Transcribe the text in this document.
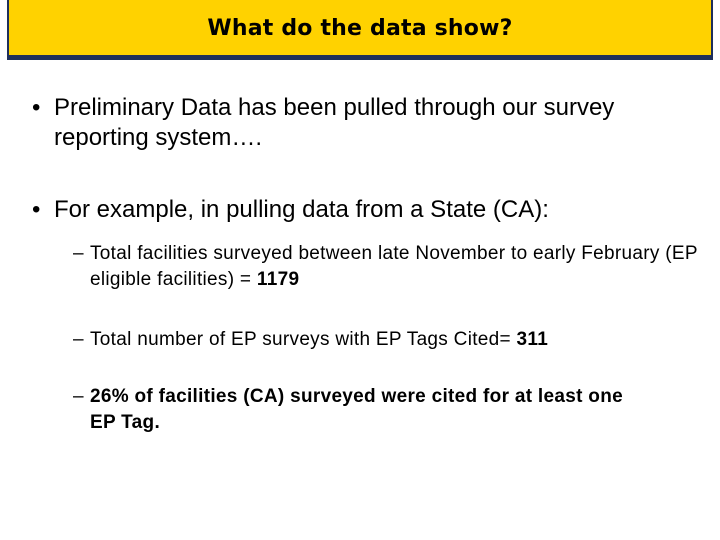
What do the data show?
• Preliminary Data has been pulled through our survey reporting system….
• For example, in pulling data from a State (CA):
– Total facilities surveyed between late November to early February (EP eligible facilities) = 1179
– Total number of EP surveys with EP Tags Cited= 311
– 26% of facilities (CA) surveyed were cited for at least one EP Tag.
